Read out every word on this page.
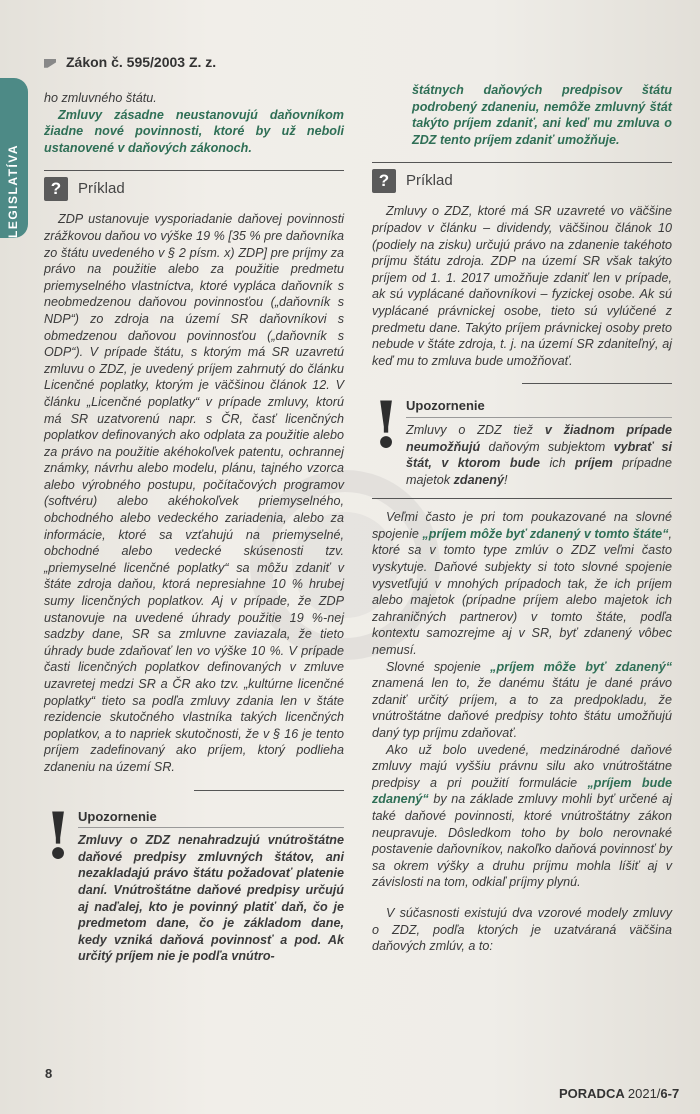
LEGISLATÍVA
Zákon č. 595/2003 Z. z.

ho zmluvného štátu.

Zmluvy zásadne neustanovujú daňovníkom žiadne nové povinnosti, ktoré by už neboli ustanovené v daňových zákonoch.

?	Príklad

ZDP ustanovuje vysporiadanie daňovej povinnosti zrážkovou daňou vo výške 19 % [35 % pre daňovníka zo štátu uvedeného v § 2 písm. x) ZDP] pre príjmy za právo na použitie alebo za použitie predmetu priemyselného vlastníctva, ktoré vypláca daňovník s neobmedzenou daňovou povinnosťou („daňovník s NDP“) zo zdroja na území SR daňovníkovi s obmedzenou daňovou povinnosťou („daňovník s ODP“). V prípade štátu, s ktorým má SR uzavretú zmluvu o ZDZ, je uvedený príjem zahrnutý do článku Licenčné poplatky, ktorým je väčšinou článok 12. V článku „Licenčné poplatky“ v prípade zmluvy, ktorú má SR uzatvorenú napr. s ČR, časť licenčných poplatkov definovaných ako odplata za použitie alebo za právo na použitie akéhokoľvek patentu, ochrannej známky, návrhu alebo modelu, plánu, tajného vzorca alebo výrobného postupu, počítačových programov (softvéru) alebo akéhokoľvek priemyselného, obchodného alebo vedeckého zariadenia, alebo za informácie, ktoré sa vzťahujú na priemyselné, obchodné alebo vedecké skúsenosti tzv. „priemyselné licenčné poplatky“ sa môžu zdaniť v štáte zdroja daňou, ktorá nepresiahne 10 % hrubej sumy licenčných poplatkov. Aj v prípade, že ZDP ustanovuje na uvedené úhrady použitie 19 %-nej sadzby dane, SR sa zmluvne zaviazala, že tieto úhrady bude zdaňovať len vo výške 10 %. V prípade časti licenčných poplatkov definovaných v zmluve uzavretej medzi SR a ČR ako tzv. „kultúrne licenčné poplatky“ tieto sa podľa zmluvy zdania len v štáte rezidencie skutočného vlastníka takých licenčných poplatkov, a to napriek skutočnosti, že v § 16 je tento príjem zadefinovaný ako príjem, ktorý podlieha zdaneniu na území SR.

! Upozornenie

Zmluvy o ZDZ nenahradzujú vnútroštátne daňové predpisy zmluvných štátov, ani nezakladajú právo štátu požadovať platenie daní. Vnútroštátne daňové predpisy určujú aj naďalej, kto je povinný platiť daň, čo je predmetom dane, čo je základom dane, kedy vzniká daňová povinnosť a pod. Ak určitý príjem nie je podľa vnútro-

štátnych daňových predpisov štátu podrobený zdaneniu, nemôže zmluvný štát takýto príjem zdaniť, ani keď mu zmluva o ZDZ tento príjem zdaniť umožňuje.

?	Príklad

Zmluvy o ZDZ, ktoré má SR uzavreté vo väčšine prípadov v článku – dividendy, väčšinou článok 10 (podiely na zisku) určujú právo na zdanenie takéhoto príjmu štátu zdroja. ZDP na území SR však takýto príjem od 1. 1. 2017 umožňuje zdaniť len v prípade, ak sú vyplácané daňovníkovi – fyzickej osobe. Ak sú vyplácané právnickej osobe, tieto sú vylúčené z predmetu dane. Takýto príjem právnickej osoby preto nebude v štáte zdroja, t. j. na území SR zdaniteľný, aj keď mu to zmluva bude umožňovať.

! Upozornenie

Zmluvy o ZDZ tiež v žiadnom prípade neumožňujú daňovým subjektom vybrať si štát, v ktorom bude ich príjem prípadne majetok zdanený!

Veľmi často je pri tom poukazované na slovné spojenie „príjem môže byť zdanený v tomto štáte“, ktoré sa v tomto type zmlúv o ZDZ veľmi často vyskytuje. Daňové subjekty si toto slovné spojenie vysvetľujú v mnohých prípadoch tak, že ich príjem alebo majetok (prípadne príjem alebo majetok ich zahraničných partnerov) v tomto štáte, podľa kontextu samozrejme aj v SR, byť zdanený vôbec nemusí.

Slovné spojenie „príjem môže byť zdanený“ znamená len to, že danému štátu je dané právo zdaniť určitý príjem, a to za predpokladu, že vnútroštátne daňové predpisy tohto štátu umožňujú daný typ príjmu zdaňovať.

Ako už bolo uvedené, medzinárodné daňové zmluvy majú vyššiu právnu silu ako vnútroštátne predpisy a pri použití formulácie „príjem bude zdanený“ by na základe zmluvy mohli byť určené aj také daňové povinnosti, ktoré vnútroštátny zákon neupravuje. Dôsledkom toho by bolo nerovnaké postavenie daňovníkov, nakoľko daňová povinnosť by sa okrem výšky a druhu príjmu mohla líšiť aj v závislosti na tom, odkiaľ príjmy plynú.

V súčasnosti existujú dva vzorové modely zmluvy o ZDZ, podľa ktorých je uzatváraná väčšina daňových zmlúv, a to:

8
PORADCA 2021/6-7
